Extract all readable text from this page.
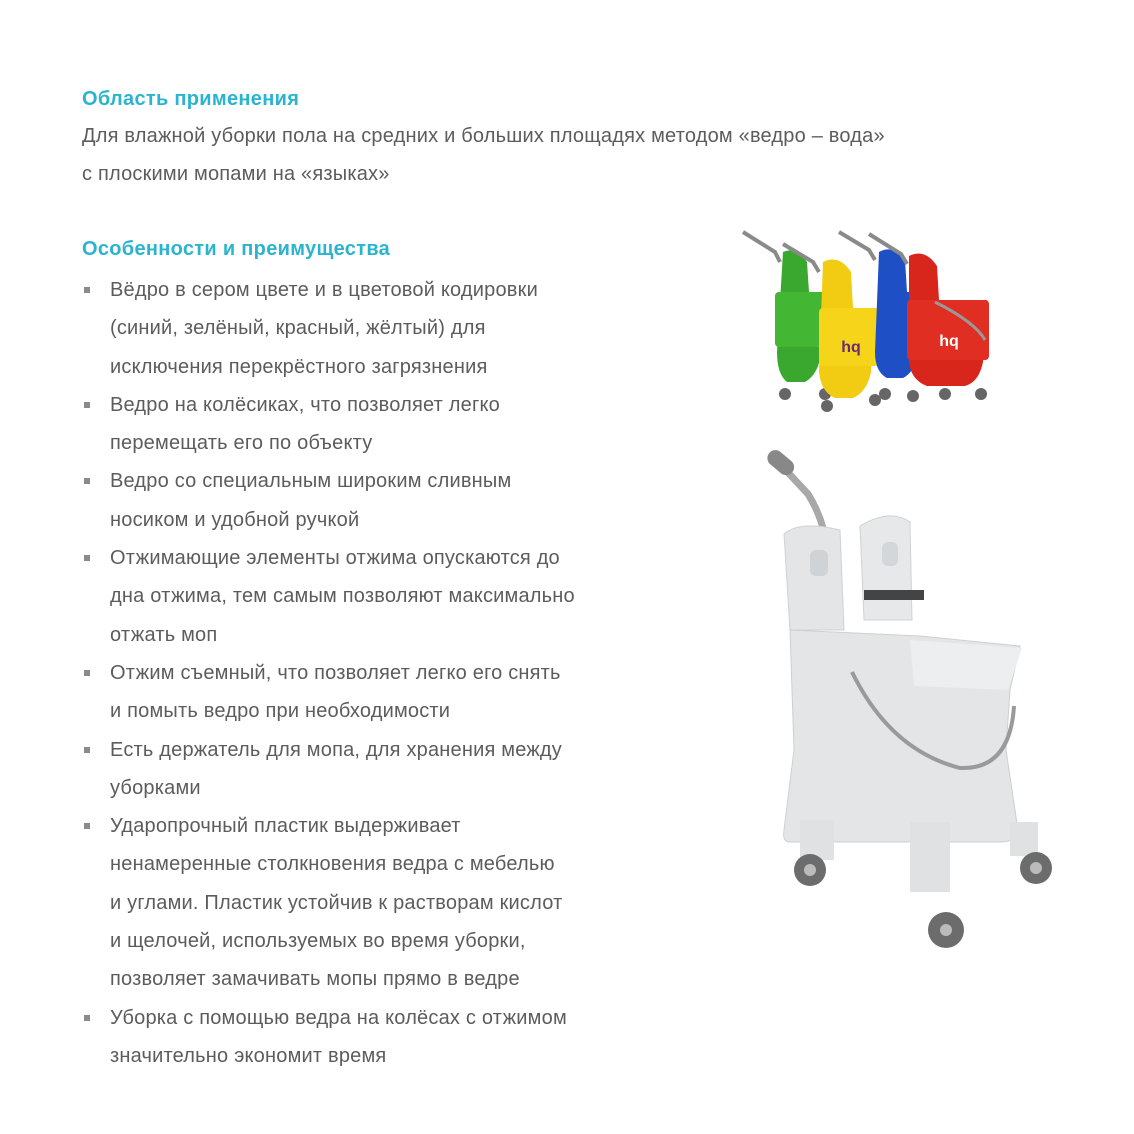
Область применения
Для влажной уборки пола на средних и больших площадях методом «ведро – вода»
с плоскими мопами на «языках»
Особенности и преимущества
Вёдро в сером цвете и в цветовой кодировки
(синий, зелёный, красный, жёлтый) для
исключения перекрёстного загрязнения
Ведро на колёсиках, что позволяет легко
перемещать его по объекту
Ведро со специальным широким сливным
носиком и удобной ручкой
Отжимающие элементы отжима опускаются до
дна отжима, тем самым позволяют максимально
отжать моп
Отжим съемный, что позволяет легко его снять
и помыть ведро при необходимости
Есть держатель для мопа, для хранения между
уборками
Ударопрочный пластик выдерживает
ненамеренные столкновения ведра с мебелью
и углами. Пластик устойчив к растворам кислот
и щелочей, используемых во время уборки,
позволяет замачивать мопы прямо в ведре
Уборка с помощью ведра на колёсах с отжимом
значительно экономит время
hq	hq
